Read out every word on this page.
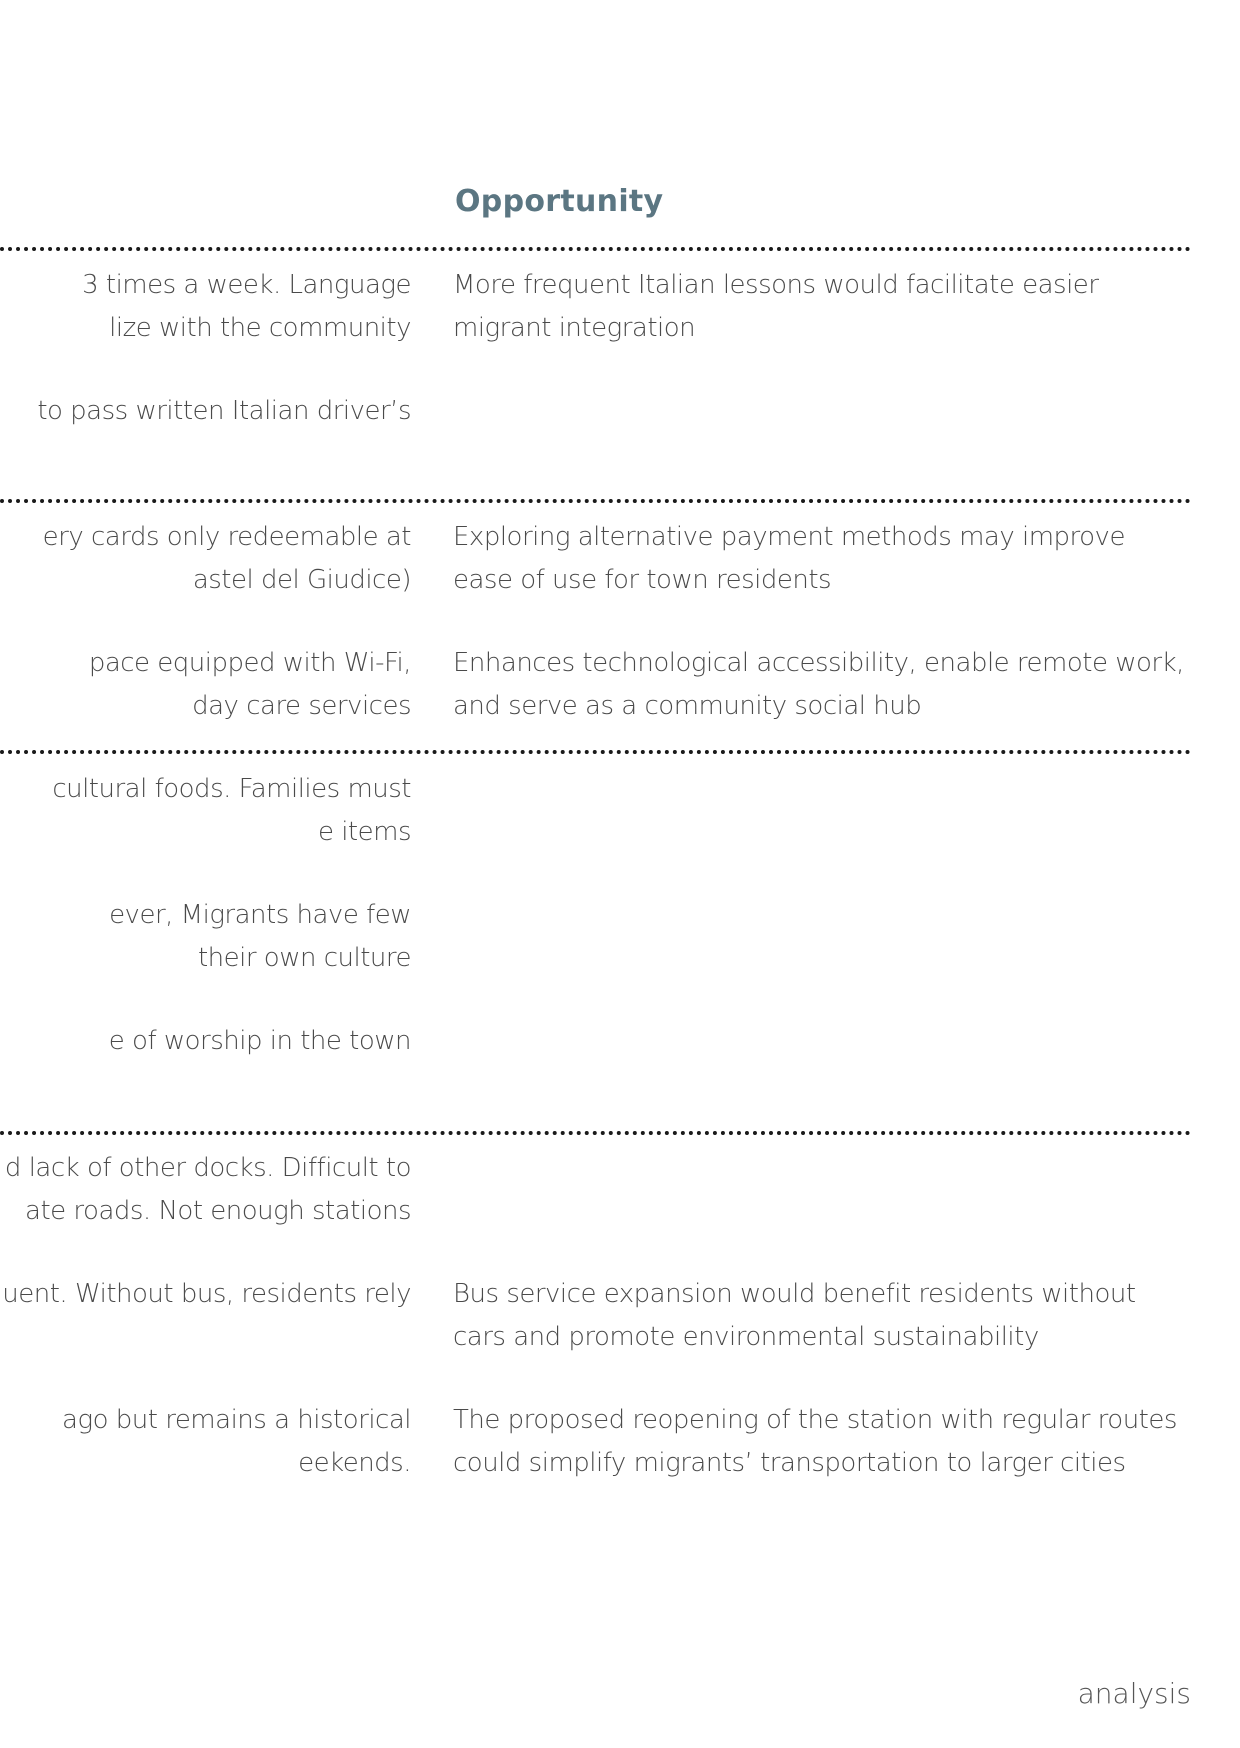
Opportunity
3 times a week. Language
lize with the community
More frequent Italian lessons would facilitate easier
migrant integration
to pass written Italian driver’s
ery cards only redeemable at
astel del Giudice)
Exploring alternative payment methods may improve
ease of use for town residents
pace equipped with Wi-Fi,
day care services
Enhances technological accessibility, enable remote work,
and serve as a community social hub
cultural foods. Families must
e items
ever, Migrants have few
their own culture
e of worship in the town
d lack of other docks. Difficult to
ate roads. Not enough stations
uent. Without bus, residents rely Bus service expansion would benefit residents without
cars and promote environmental sustainability
ago but remains a historical
eekends.
The proposed reopening of the station with regular routes
could simplify migrants’ transportation to larger cities
analysis
